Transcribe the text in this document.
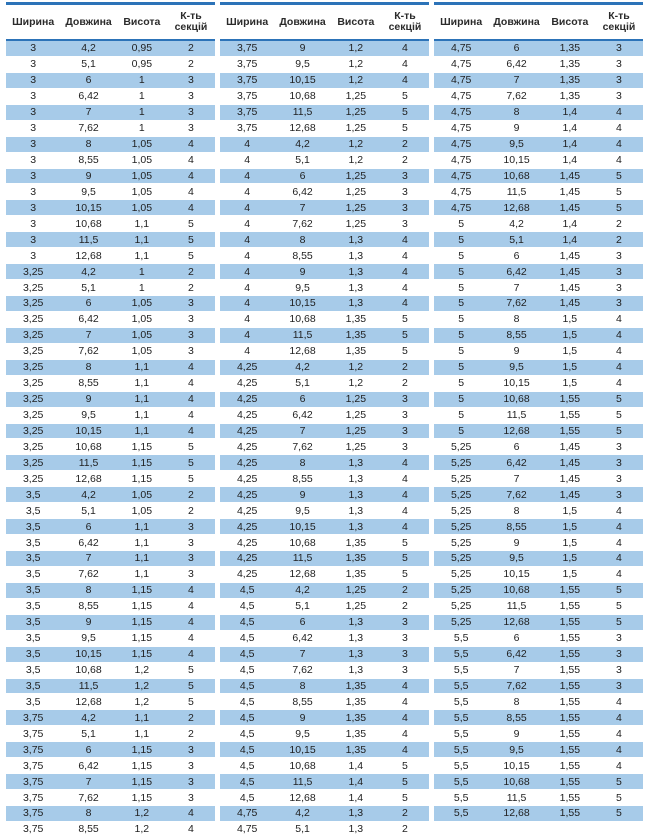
Ширина	Довжина	Висота	К-ть
секцій
3	4,2	0,95	2
3	5,1	0,95	2
3	6	1	3
3	6,42	1	3
3	7	1	3
3	7,62	1	3
3	8	1,05	4
3	8,55	1,05	4
3	9	1,05	4
3	9,5	1,05	4
3	10,15	1,05	4
3	10,68	1,1	5
3	11,5	1,1	5
3	12,68	1,1	5
3,25	4,2	1	2
3,25	5,1	1	2
3,25	6	1,05	3
3,25	6,42	1,05	3
3,25	7	1,05	3
3,25	7,62	1,05	3
3,25	8	1,1	4
3,25	8,55	1,1	4
3,25	9	1,1	4
3,25	9,5	1,1	4
3,25	10,15	1,1	4
3,25	10,68	1,15	5
3,25	11,5	1,15	5
3,25	12,68	1,15	5
3,5	4,2	1,05	2
3,5	5,1	1,05	2
3,5	6	1,1	3
3,5	6,42	1,1	3
3,5	7	1,1	3
3,5	7,62	1,1	3
3,5	8	1,15	4
3,5	8,55	1,15	4
3,5	9	1,15	4
3,5	9,5	1,15	4
3,5	10,15	1,15	4
3,5	10,68	1,2	5
3,5	11,5	1,2	5
3,5	12,68	1,2	5
3,75	4,2	1,1	2
3,75	5,1	1,1	2
3,75	6	1,15	3
3,75	6,42	1,15	3
3,75	7	1,15	3
3,75	7,62	1,15	3
3,75	8	1,2	4
3,75	8,55	1,2	4
Ширина	Довжина	Висота	К-ть
секцій
3,75	9	1,2	4
3,75	9,5	1,2	4
3,75	10,15	1,2	4
3,75	10,68	1,25	5
3,75	11,5	1,25	5
3,75	12,68	1,25	5
4	4,2	1,2	2
4	5,1	1,2	2
4	6	1,25	3
4	6,42	1,25	3
4	7	1,25	3
4	7,62	1,25	3
4	8	1,3	4
4	8,55	1,3	4
4	9	1,3	4
4	9,5	1,3	4
4	10,15	1,3	4
4	10,68	1,35	5
4	11,5	1,35	5
4	12,68	1,35	5
4,25	4,2	1,2	2
4,25	5,1	1,2	2
4,25	6	1,25	3
4,25	6,42	1,25	3
4,25	7	1,25	3
4,25	7,62	1,25	3
4,25	8	1,3	4
4,25	8,55	1,3	4
4,25	9	1,3	4
4,25	9,5	1,3	4
4,25	10,15	1,3	4
4,25	10,68	1,35	5
4,25	11,5	1,35	5
4,25	12,68	1,35	5
4,5	4,2	1,25	2
4,5	5,1	1,25	2
4,5	6	1,3	3
4,5	6,42	1,3	3
4,5	7	1,3	3
4,5	7,62	1,3	3
4,5	8	1,35	4
4,5	8,55	1,35	4
4,5	9	1,35	4
4,5	9,5	1,35	4
4,5	10,15	1,35	4
4,5	10,68	1,4	5
4,5	11,5	1,4	5
4,5	12,68	1,4	5
4,75	4,2	1,3	2
4,75	5,1	1,3	2
Ширина	Довжина	Висота	К-ть
секцій
4,75	6	1,35	3
4,75	6,42	1,35	3
4,75	7	1,35	3
4,75	7,62	1,35	3
4,75	8	1,4	4
4,75	9	1,4	4
4,75	9,5	1,4	4
4,75	10,15	1,4	4
4,75	10,68	1,45	5
4,75	11,5	1,45	5
4,75	12,68	1,45	5
5	4,2	1,4	2
5	5,1	1,4	2
5	6	1,45	3
5	6,42	1,45	3
5	7	1,45	3
5	7,62	1,45	3
5	8	1,5	4
5	8,55	1,5	4
5	9	1,5	4
5	9,5	1,5	4
5	10,15	1,5	4
5	10,68	1,55	5
5	11,5	1,55	5
5	12,68	1,55	5
5,25	6	1,45	3
5,25	6,42	1,45	3
5,25	7	1,45	3
5,25	7,62	1,45	3
5,25	8	1,5	4
5,25	8,55	1,5	4
5,25	9	1,5	4
5,25	9,5	1,5	4
5,25	10,15	1,5	4
5,25	10,68	1,55	5
5,25	11,5	1,55	5
5,25	12,68	1,55	5
5,5	6	1,55	3
5,5	6,42	1,55	3
5,5	7	1,55	3
5,5	7,62	1,55	3
5,5	8	1,55	4
5,5	8,55	1,55	4
5,5	9	1,55	4
5,5	9,5	1,55	4
5,5	10,15	1,55	4
5,5	10,68	1,55	5
5,5	11,5	1,55	5
5,5	12,68	1,55	5
